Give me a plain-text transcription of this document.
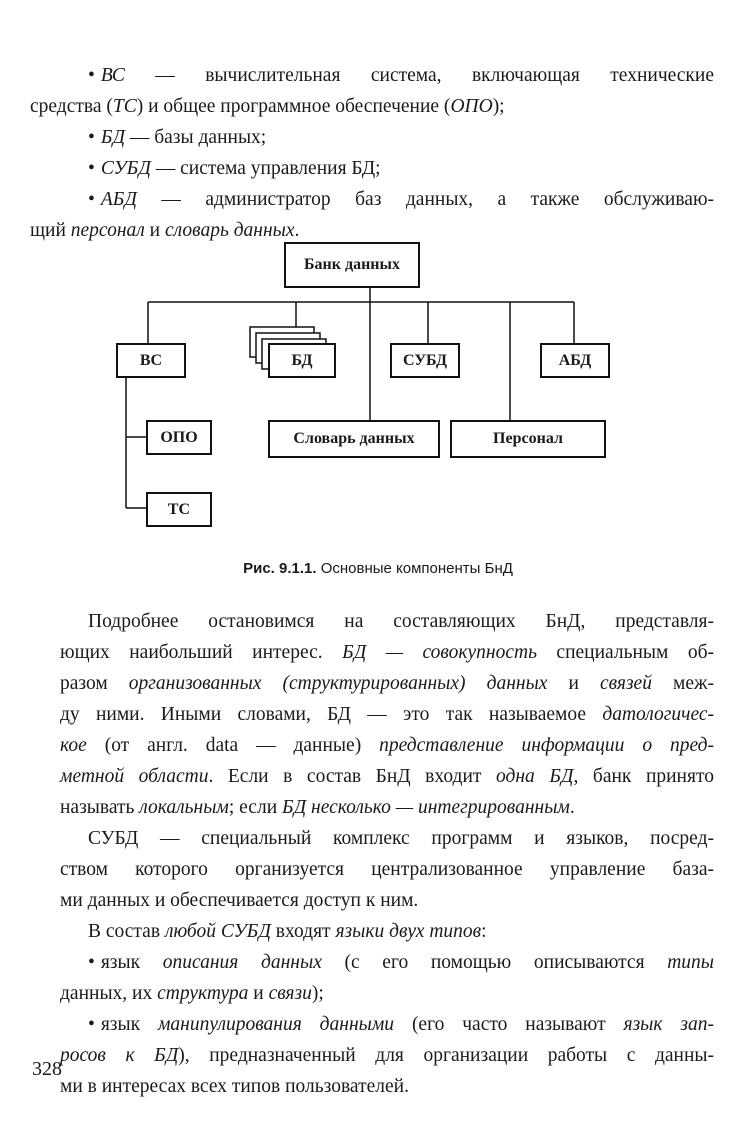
• ВС — вычислительная система, включающая технические
средства (ТС) и общее программное обеспечение (ОПО);
• БД — базы данных;
• СУБД — система управления БД;
• АБД — администратор баз данных, а также обслуживаю-
щий персонал и словарь данных.
Банк данных
ВС	БД	СУБД	АБД
ОПО	Словарь данных	Персонал
ТС
Рис. 9.1.1. Основные компоненты БнД
Подробнее остановимся на составляющих БнД, представля-
ющих наибольший интерес. БД — совокупность специальным об-
разом организованных (структурированных) данных и связей меж-
ду ними. Иными словами, БД — это так называемое датологичес-
кое (от англ. data — данные) представление информации о пред-
метной области. Если в состав БнД входит одна БД, банк принято
называть локальным; если БД несколько — интегрированным.
СУБД — специальный комплекс программ и языков, посред-
ством которого организуется централизованное управление база-
ми данных и обеспечивается доступ к ним.
В состав любой СУБД входят языки двух типов:
• язык описания данных (с его помощью описываются типы
данных, их структура и связи);
• язык манипулирования данными (его часто называют язык зап-
росов к БД), предназначенный для организации работы с данны-
ми в интересах всех типов пользователей.
328
